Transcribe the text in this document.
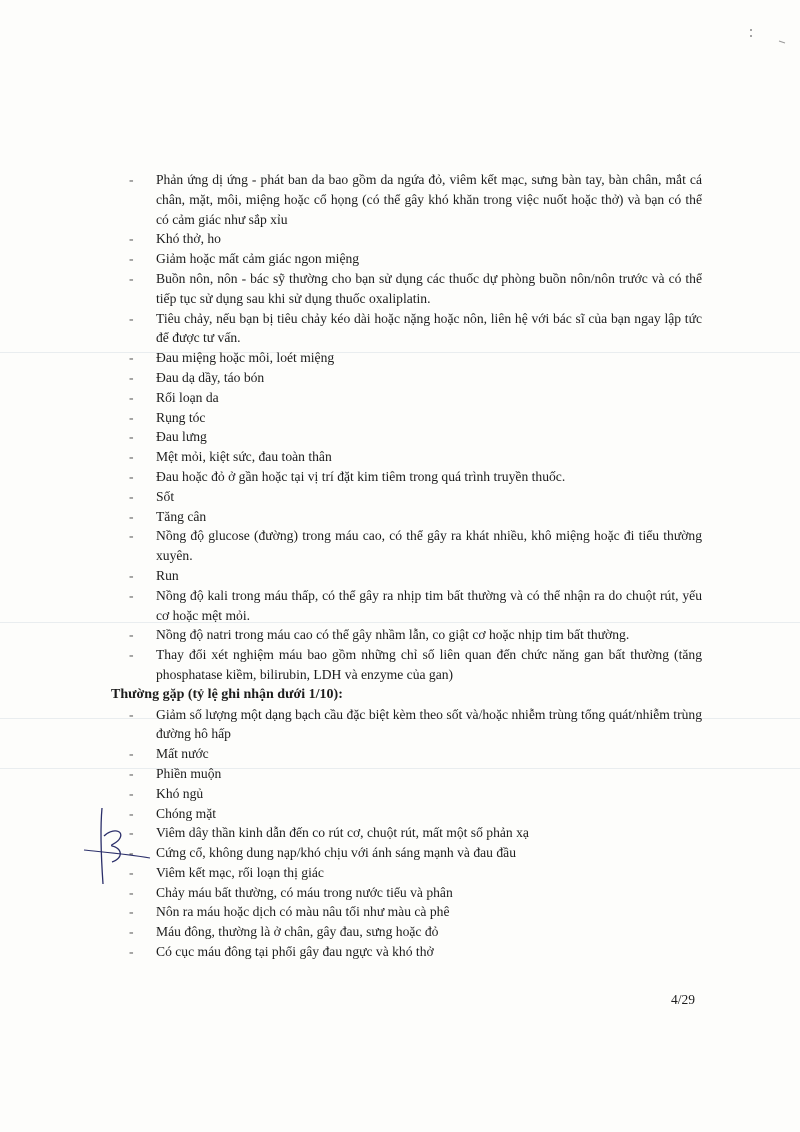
- Phản ứng dị ứng - phát ban da bao gồm da ngứa đỏ, viêm kết mạc, sưng bàn tay, bàn chân, mắt cá chân, mặt, môi, miệng hoặc cổ họng (có thể gây khó khăn trong việc nuốt hoặc thở) và bạn có thể có cảm giác như sắp xỉu
- Khó thở, ho
- Giảm hoặc mất cảm giác ngon miệng
- Buồn nôn, nôn - bác sỹ thường cho bạn sử dụng các thuốc dự phòng buồn nôn/nôn trước và có thể tiếp tục sử dụng sau khi sử dụng thuốc oxaliplatin.
- Tiêu chảy, nếu bạn bị tiêu chảy kéo dài hoặc nặng hoặc nôn, liên hệ với bác sĩ của bạn ngay lập tức để được tư vấn.
- Đau miệng hoặc môi, loét miệng
- Đau dạ dầy, táo bón
- Rối loạn da
- Rụng tóc
- Đau lưng
- Mệt mỏi, kiệt sức, đau toàn thân
- Đau hoặc đỏ ở gần hoặc tại vị trí đặt kim tiêm trong quá trình truyền thuốc.
- Sốt
- Tăng cân
- Nồng độ glucose (đường) trong máu cao, có thể gây ra khát nhiều, khô miệng hoặc đi tiểu thường xuyên.
- Run
- Nồng độ kali trong máu thấp, có thể gây ra nhịp tim bất thường và có thể nhận ra do chuột rút, yếu cơ hoặc mệt mỏi.
- Nồng độ natri trong máu cao có thể gây nhầm lẫn, co giật cơ hoặc nhịp tim bất thường.
- Thay đổi xét nghiệm máu bao gồm những chỉ số liên quan đến chức năng gan bất thường (tăng phosphatase kiềm, bilirubin, LDH và enzyme của gan)
Thường gặp (tỷ lệ ghi nhận dưới 1/10):
- Giảm số lượng một dạng bạch cầu đặc biệt kèm theo sốt và/hoặc nhiễm trùng tổng quát/nhiễm trùng đường hô hấp
- Mất nước
- Phiền muộn
- Khó ngủ
- Chóng mặt
- Viêm dây thần kinh dẫn đến co rút cơ, chuột rút, mất một số phản xạ
- Cứng cổ, không dung nạp/khó chịu với ánh sáng mạnh và đau đầu
- Viêm kết mạc, rối loạn thị giác
- Chảy máu bất thường, có máu trong nước tiểu và phân
- Nôn ra máu hoặc dịch có màu nâu tối như màu cà phê
- Máu đông, thường là ở chân, gây đau, sưng hoặc đỏ
- Có cục máu đông tại phổi gây đau ngực và khó thở
4/29
